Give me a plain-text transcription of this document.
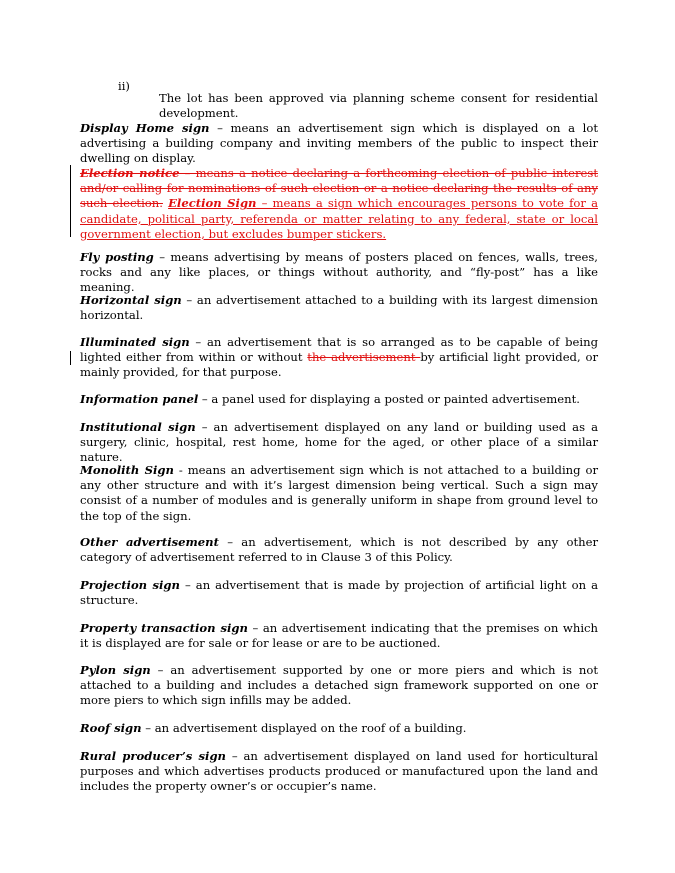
ii)

The lot has been approved via planning scheme consent for residential development.

Display Home sign – means an advertisement sign which is displayed on a lot advertising a building company and inviting members of the public to inspect their dwelling on display.

Election notice – means a notice declaring a forthcoming election of public interest and/or calling for nominations of such election or a notice declaring the results of any such election. Election Sign – means a sign which encourages persons to vote for a candidate, political party, referenda or matter relating to any federal, state or local government election, but excludes bumper stickers.

Fly posting – means advertising by means of posters placed on fences, walls, trees, rocks and any like places, or things without authority, and “fly-post” has a like meaning.

Horizontal sign – an advertisement attached to a building with its largest dimension horizontal.

Illuminated sign – an advertisement that is so arranged as to be capable of being lighted either from within or without the advertisement by artificial light provided, or mainly provided, for that purpose.

Information panel – a panel used for displaying a posted or painted advertisement.

Institutional sign – an advertisement displayed on any land or building used as a surgery, clinic, hospital, rest home, home for the aged, or other place of a similar nature.

Monolith Sign - means an advertisement sign which is not attached to a building or any other structure and with it’s largest dimension being vertical. Such a sign may consist of a number of modules and is generally uniform in shape from ground level to the top of the sign.

Other advertisement – an advertisement, which is not described by any other category of advertisement referred to in Clause 3 of this Policy.

Projection sign – an advertisement that is made by projection of artificial light on a structure.

Property transaction sign – an advertisement indicating that the premises on which it is displayed are for sale or for lease or are to be auctioned.

Pylon sign – an advertisement supported by one or more piers and which is not attached to a building and includes a detached sign framework supported on one or more piers to which sign infills may be added.

Roof sign – an advertisement displayed on the roof of a building.

Rural producer’s sign – an advertisement displayed on land used for horticultural purposes and which advertises products produced or manufactured upon the land and includes the property owner’s or occupier’s name.
